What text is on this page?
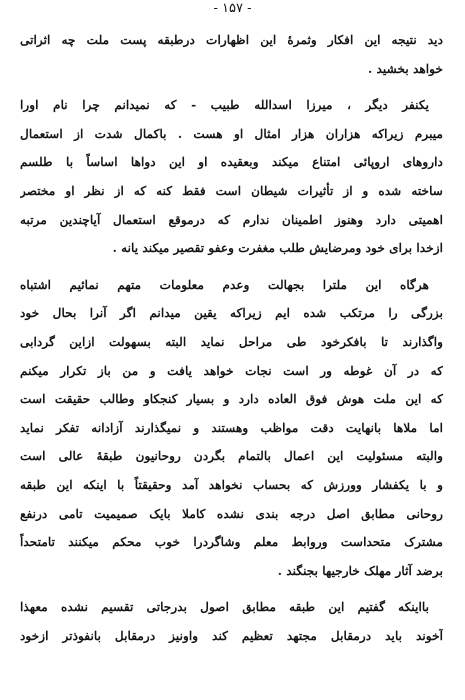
- ۱۵۷ -

دید نتیجه این افکار وثمرهٔ این اظهارات درطبقه پست ملت چه اثراتی
خواهد بخشید .

یکنفر دیگر ، میرزا اسدالله طبیب - که نمیدانم چرا نام اورا
میبرم زیراکه هزاران هزار امثال او هست . باکمال شدت از استعمال
داروهای اروپائی امتناع میکند وبعقیده او این دواها اساساً با طلسم
ساخته شده و از تأثیرات شیطان است فقط کنه که از نظر او مختصر
اهمیتی دارد وهنوز اطمینان ندارم که درموقع استعمال آیاچندین مرتبه
ازخدا برای خود ومرضایش طلب مغفرت وعفو تقصیر میکند یانه .

هرگاه این ملترا بجهالت وعدم معلومات متهم نمائیم اشتباه
بزرگی را مرتکب شده ایم زیراکه یقین میدانم اگر آنرا بحال خود
واگذارند تا بافکرخود طی مراحل نماید البته بسهولت ازاین گردابی
که در آن غوطه ور است نجات خواهد یافت و من باز تکرار میکنم
که این ملت هوش فوق العاده دارد و بسیار کنجکاو وطالب حقیقت است
اما ملاها بانهایت دقت مواظب وهستند و نمیگذارند آزادانه تفکر نماید
والبته مسئولیت این اعمال بالتمام بگردن روحانیون طبقهٔ عالی است
و با یکفشار وورزش که بحساب نخواهد آمد وحقیقتاً با اینکه این طبقه
روحانی مطابق اصل درجه بندی نشده کاملا بایک صمیمیت تامی درنفع
مشترک متحداست وروابط معلم وشاگردرا خوب محکم میکنند تامتحداً
برضد آثار مهلک خارجیها بجنگند .

بااینکه گفتیم این طبقه مطابق اصول بدرجاتی تقسیم نشده معهذا
آخوند باید درمقابل مجتهد تعظیم کند واونیز درمقابل بانفوذتر ازخود
